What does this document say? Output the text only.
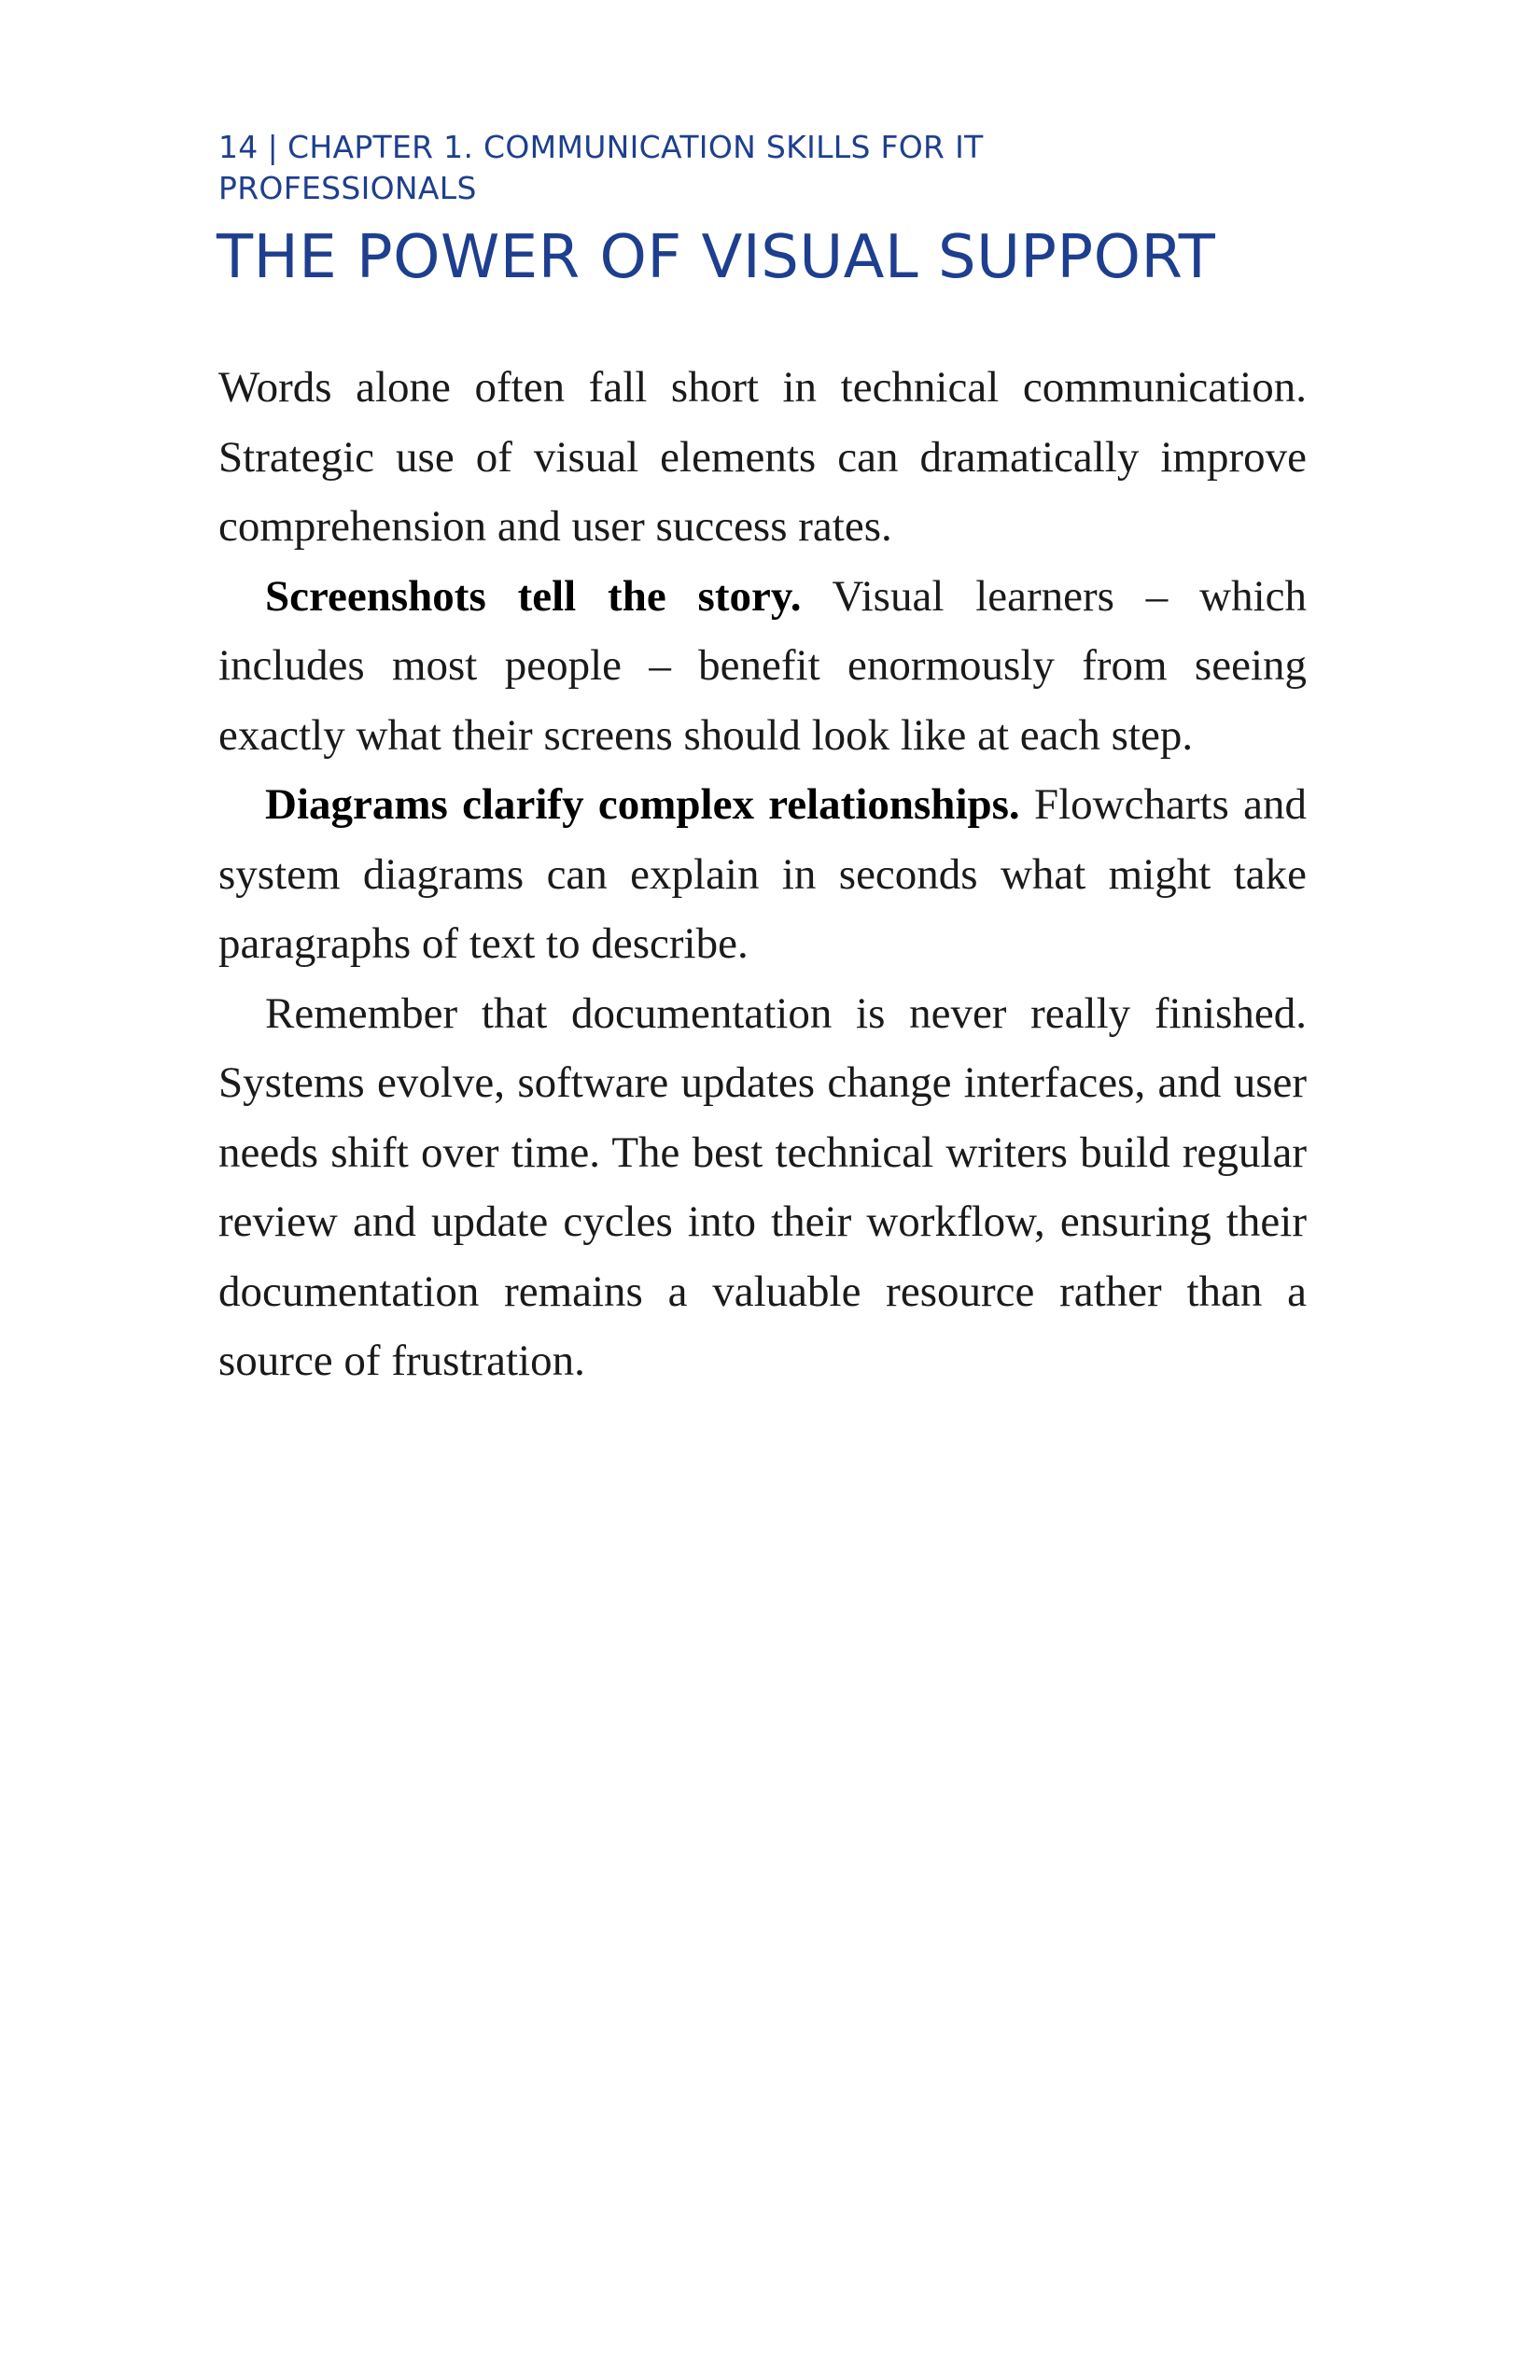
14 | CHAPTER 1. COMMUNICATION SKILLS FOR IT PROFESSIONALS
THE POWER OF VISUAL SUPPORT

Words alone often fall short in technical communication. Strategic use of visual elements can dramatically improve comprehension and user success rates.

Screenshots tell the story. Visual learners – which includes most people – benefit enormously from seeing exactly what their screens should look like at each step.

Diagrams clarify complex relationships. Flowcharts and system diagrams can explain in seconds what might take paragraphs of text to describe.

Remember that documentation is never really finished. Systems evolve, software updates change interfaces, and user needs shift over time. The best technical writers build regular review and update cycles into their workflow, ensuring their documentation remains a valuable resource rather than a source of frustration.
